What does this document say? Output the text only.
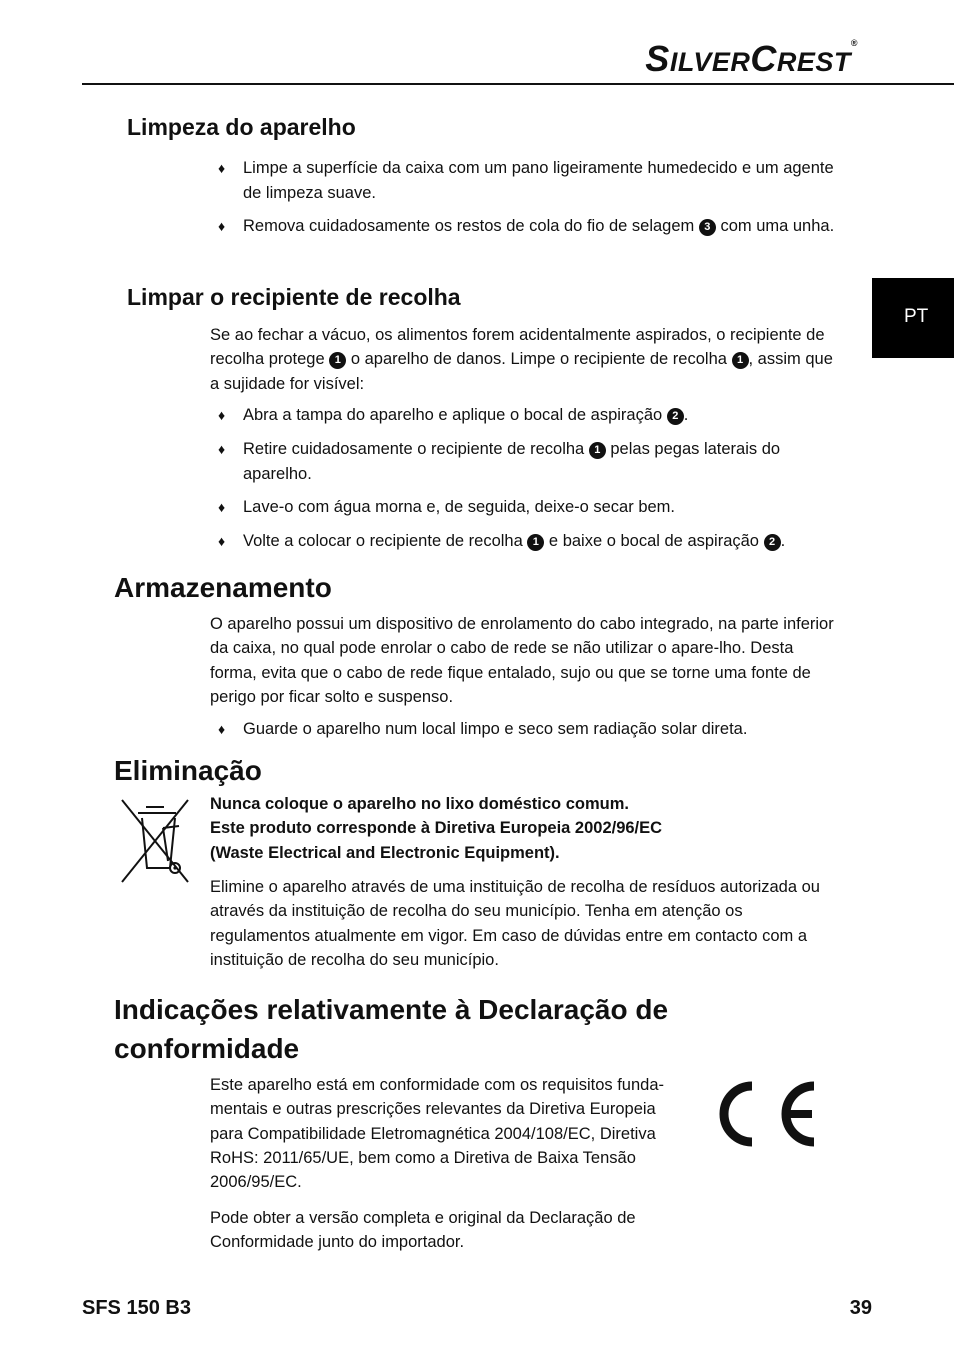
SILVERCREST®
PT
Limpeza do aparelho
♦ Limpe a superfície da caixa com um pano ligeiramente humedecido e um agente de limpeza suave.
♦ Remova cuidadosamente os restos de cola do fio de selagem 3 com uma unha.
Limpar o recipiente de recolha

Se ao fechar a vácuo, os alimentos forem acidentalmente aspirados, o recipiente de recolha protege 1 o aparelho de danos. Limpe o recipiente de recolha 1 , assim que a sujidade for visível:

♦ Abra a tampa do aparelho e aplique o bocal de aspiração 2 .
♦ Retire cuidadosamente o recipiente de recolha 1 pelas pegas laterais do aparelho.
♦ Lave-o com água morna e, de seguida, deixe-o secar bem.
♦ Volte a colocar o recipiente de recolha 1 e baixe o bocal de aspiração 2 .
Armazenamento

O aparelho possui um dispositivo de enrolamento do cabo integrado, na parte inferior da caixa, no qual pode enrolar o cabo de rede se não utilizar o apare-lho. Desta forma, evita que o cabo de rede fique entalado, sujo ou que se torne uma fonte de perigo por ficar solto e suspenso.

♦ Guarde o aparelho num local limpo e seco sem radiação solar direta.
Eliminação

Nunca coloque o aparelho no lixo doméstico comum.
Este produto corresponde à Diretiva Europeia 2002/96/EC
(Waste Electrical and Electronic Equipment).

Elimine o aparelho através de uma instituição de recolha de resíduos autorizada ou através da instituição de recolha do seu município. Tenha em atenção os regulamentos atualmente em vigor. Em caso de dúvidas entre em contacto com a instituição de recolha do seu município.

Indicações relativamente à Declaração de conformidade

Este aparelho está em conformidade com os requisitos funda-mentais e outras prescrições relevantes da Diretiva Europeia para Compatibilidade Eletromagnética 2004/108/EC, Diretiva RoHS: 2011/65/UE, bem como a Diretiva de Baixa Tensão 2006/95/EC.

Pode obter a versão completa e original da Declaração de Conformidade junto do importador.

SFS 150 B3	39
